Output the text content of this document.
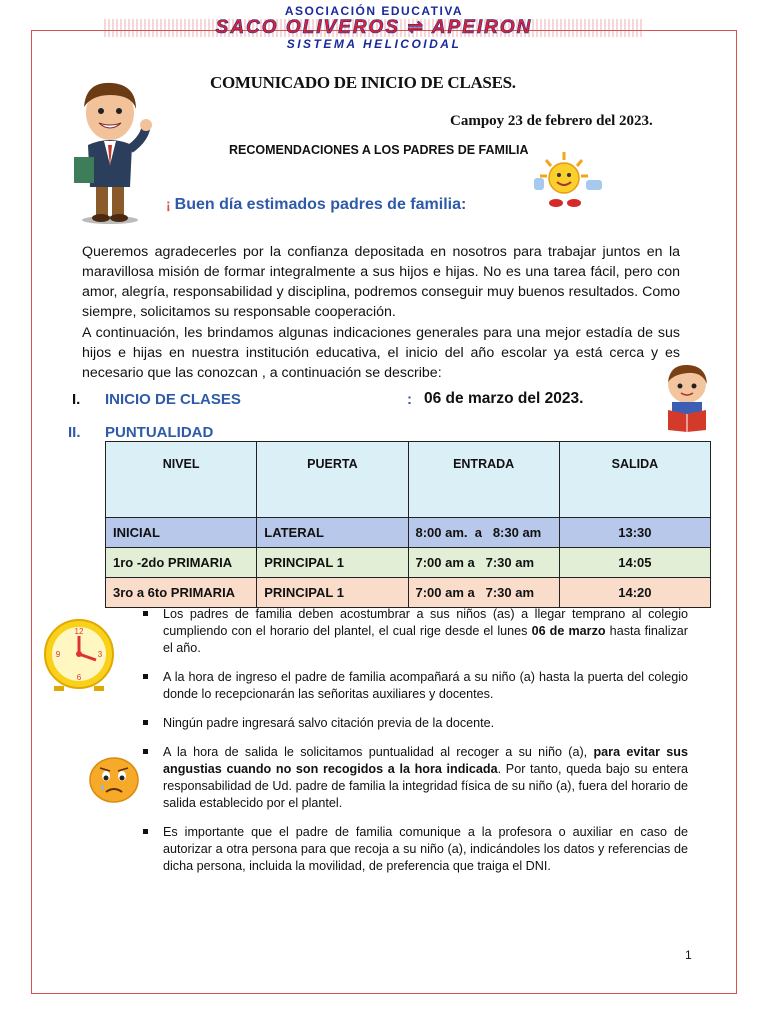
ASOCIACIÓN EDUCATIVA
SACO OLIVEROS ⇌ APEIRON
SISTEMA HELICOIDAL
COMUNICADO DE INICIO DE CLASES.
Campoy 23 de febrero del 2023.
RECOMENDACIONES A LOS PADRES DE FAMILIA
¡ Buen día estimados padres de familia:
Queremos agradecerles por la confianza depositada en nosotros para trabajar juntos en la maravillosa misión de formar integralmente a sus hijos e hijas. No es una tarea fácil, pero con amor, alegría, responsabilidad y disciplina, podremos conseguir muy buenos resultados. Como siempre, solicitamos su responsable cooperación.
A continuación, les brindamos algunas indicaciones generales para una mejor estadía de sus hijos e hijas en nuestra institución educativa, el inicio del año escolar ya está cerca y es necesario que las conozcan , a continuación se describe:
I. INICIO DE CLASES	: 06 de marzo del 2023.
II. PUNTUALIDAD
NIVEL	PUERTA	ENTRADA	SALIDA
INICIAL	LATERAL	8:00 am.  a   8:30 am	13:30
1ro -2do PRIMARIA	PRINCIPAL 1	7:00 am a   7:30 am	14:05
3ro a 6to PRIMARIA	PRINCIPAL 1	7:00 am a   7:30 am	14:20
12
3
6
9
Los padres de familia deben acostumbrar a sus niños (as) a llegar temprano al colegio cumpliendo con el horario del plantel, el cual rige desde el lunes 06 de marzo hasta finalizar el año.
A la hora de ingreso el padre de familia acompañará a su niño (a) hasta la puerta del colegio donde lo recepcionarán las señoritas auxiliares y docentes.
Ningún padre ingresará salvo citación previa de la docente.
A la hora de salida le solicitamos puntualidad al recoger a su niño (a), para evitar sus angustias cuando no son recogidos a la hora indicada. Por tanto, queda bajo su entera responsabilidad de Ud. padre de familia la integridad física de su niño (a), fuera del horario de salida establecido por el plantel.
Es importante que el padre de familia comunique a la profesora o auxiliar en caso de autorizar a otra persona para que recoja a su niño (a), indicándoles los datos y referencias de dicha persona, incluida la movilidad, de preferencia que traiga el DNI.
1
